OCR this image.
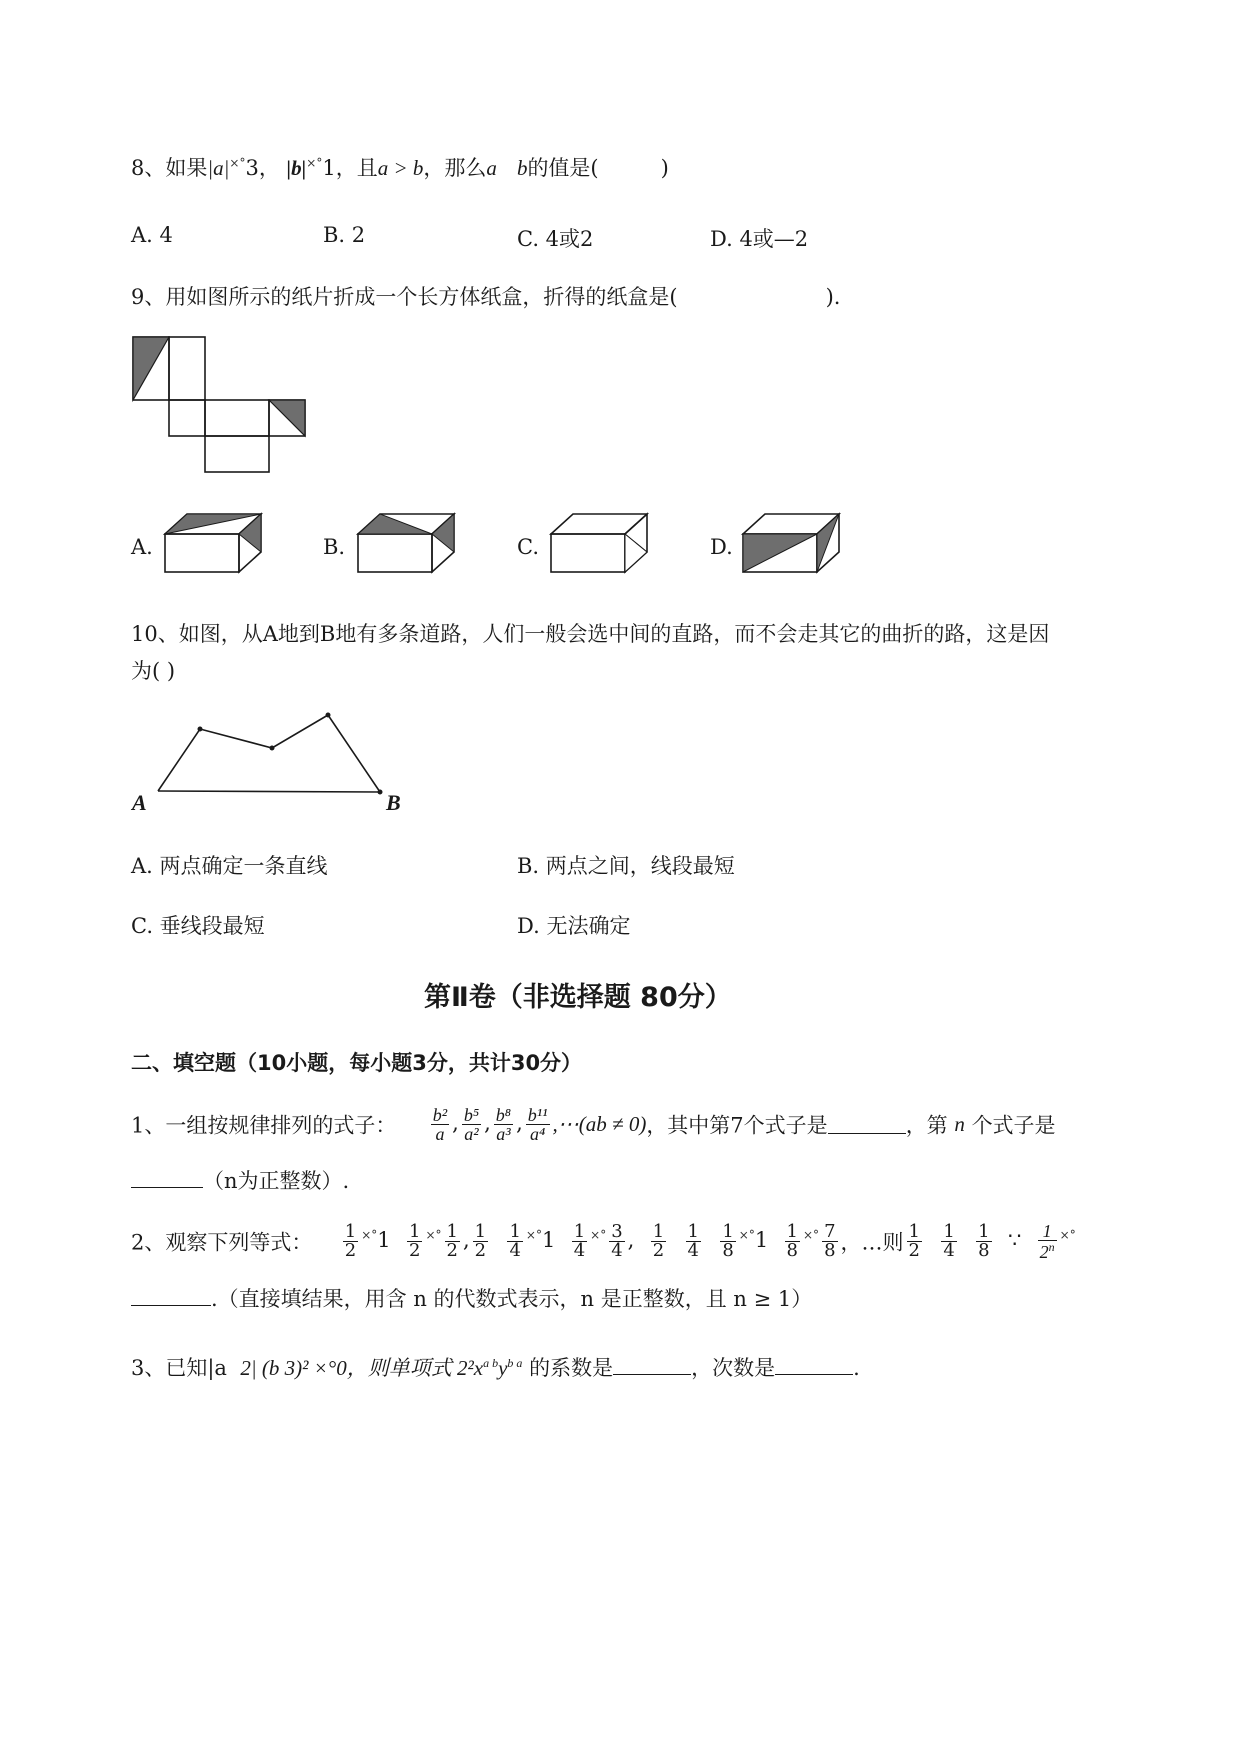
8、如果|a|×°3， |b|×°1，且a > b，那么a b的值是(	)
A. 4	B. 2	C. 4或2	D. 4或—2
9、用如图所示的纸片折成一个长方体纸盒，折得的纸盒是(	).
A.	B.	C.	D.
10、如图，从A地到B地有多条道路，人们一般会选中间的直路，而不会走其它的曲折的路，这是因
为( )
A	B
A. 两点确定一条直线	B. 两点之间，线段最短
C. 垂线段最短	D. 无法确定
第Ⅱ卷（非选择题 80分）
二、填空题（10小题，每小题3分，共计30分）
1、一组按规律排列的式子： $\frac{\text{b²}}{a}$ , $\frac{\text{b⁵}}{\text{a²}}$ , $\frac{\text{b⁸}}{\text{a³}}$ , $\frac{\text{b¹¹}}{\text{a⁴}}$ ,⋯(ab ≠ 0)，其中第7个式子是	，第 n 个式子是
（n为正整数）.
2、观察下列等式： $\frac{1}{2} ^{\times^\circ}1 \frac{1}{2} ^{\times^\circ} \frac{1}{2}$ , $\frac{1}{2}$
$\frac{1}{4} ^{\times^\circ}1 \frac{1}{4} ^{\times^\circ} \frac{3}{4}$ , $\frac{1}{2}$
$\frac{1}{4}$
$\frac{1}{8} ^{\times^\circ}1 \frac{1}{8} ^{\times^\circ} \frac{7}{8}$ ，…则 $\frac{1}{2}$
$\frac{1}{4}$
$\frac{1}{8}$ ∵ $\frac{1}{2^n} ^{\times^\circ}$
.（直接填结果，用含 n 的代数式表示，n 是正整数，且 n ≥ 1）
3、已知|a 2| (b 3)² ×°0，则单项式 $2^2x^{a b}y^{b a}$ 的系数是	，次数是	.
